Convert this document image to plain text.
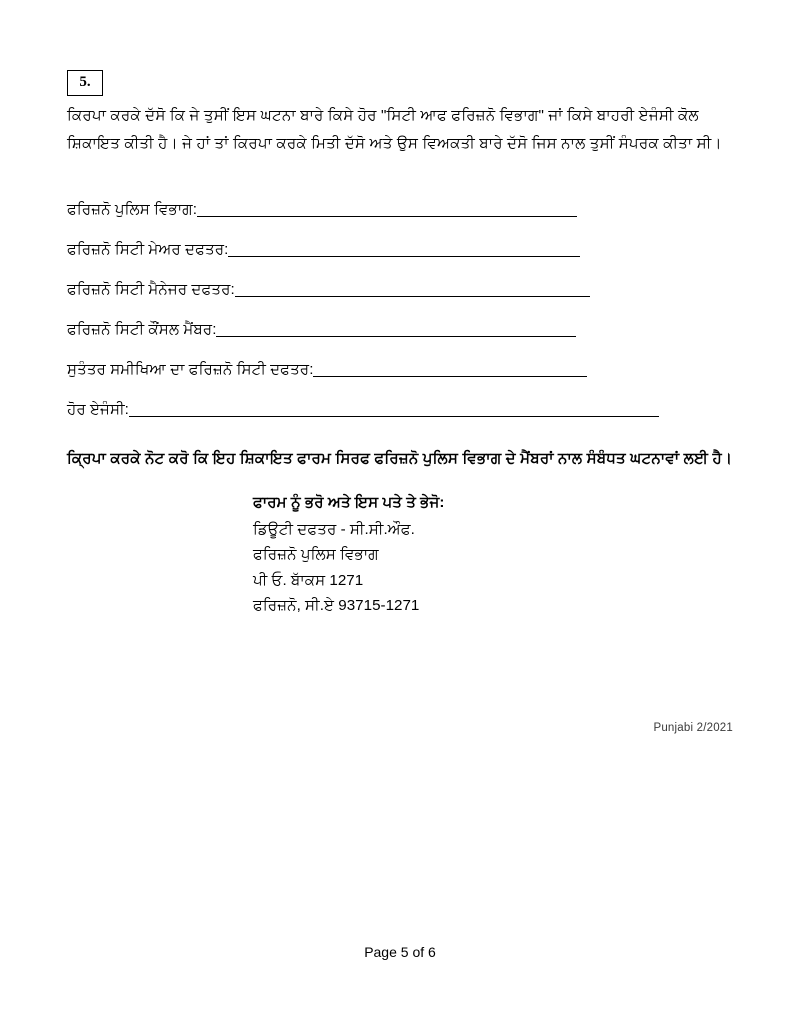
5.

ਕਿਰਪਾ ਕਰਕੇ ਦੱਸੋ ਕਿ ਜੇ ਤੁਸੀਂ ਇਸ ਘਟਨਾ ਬਾਰੇ ਕਿਸੇ ਹੋਰ "ਸਿਟੀ ਆਫ ਫਰਿਜ਼ਨੋ ਵਿਭਾਗ" ਜਾਂ ਕਿਸੇ ਬਾਹਰੀ ਏਜੰਸੀ ਕੋਲ ਸ਼ਿਕਾਇਤ ਕੀਤੀ ਹੈ। ਜੇ ਹਾਂ ਤਾਂ ਕਿਰਪਾ ਕਰਕੇ ਮਿਤੀ ਦੱਸੋ ਅਤੇ ਉਸ ਵਿਅਕਤੀ ਬਾਰੇ ਦੱਸੋ ਜਿਸ ਨਾਲ ਤੁਸੀਂ ਸੰਪਰਕ ਕੀਤਾ ਸੀ।

ਫਰਿਜ਼ਨੋ ਪੁਲਿਸ ਵਿਭਾਗ:
ਫਰਿਜ਼ਨੋ ਸਿਟੀ ਮੇਅਰ ਦਫਤਰ:
ਫਰਿਜ਼ਨੋ ਸਿਟੀ ਮੈਨੇਜਰ ਦਫਤਰ:
ਫਰਿਜ਼ਨੋ ਸਿਟੀ ਕੌਂਸਲ ਮੈਂਬਰ:
ਸੁਤੰਤਰ ਸਮੀਖਿਆ ਦਾ ਫਰਿਜ਼ਨੋ ਸਿਟੀ ਦਫਤਰ:
ਹੋਰ ਏਜੰਸੀ:

ਕ੍ਰਿਪਾ ਕਰਕੇ ਨੋਟ ਕਰੋ ਕਿ ਇਹ ਸ਼ਿਕਾਇਤ ਫਾਰਮ ਸਿਰਫ ਫਰਿਜ਼ਨੋ ਪੁਲਿਸ ਵਿਭਾਗ ਦੇ ਮੈਂਬਰਾਂ ਨਾਲ ਸੰਬੰਧਤ ਘਟਨਾਵਾਂ ਲਈ ਹੈ।

ਫਾਰਮ ਨੂੰ ਭਰੋ ਅਤੇ ਇਸ ਪਤੇ ਤੇ ਭੇਜੋ:
ਡਿਊਟੀ ਦਫਤਰ - ਸੀ.ਸੀ.ਔਫ.
ਫਰਿਜ਼ਨੋ ਪੁਲਿਸ ਵਿਭਾਗ
ਪੀ ਓ. ਬਾੱਕਸ 1271
ਫਰਿਜ਼ਨੋ, ਸੀ.ਏ 93715-1271
Punjabi 2/2021
Page 5 of 6
